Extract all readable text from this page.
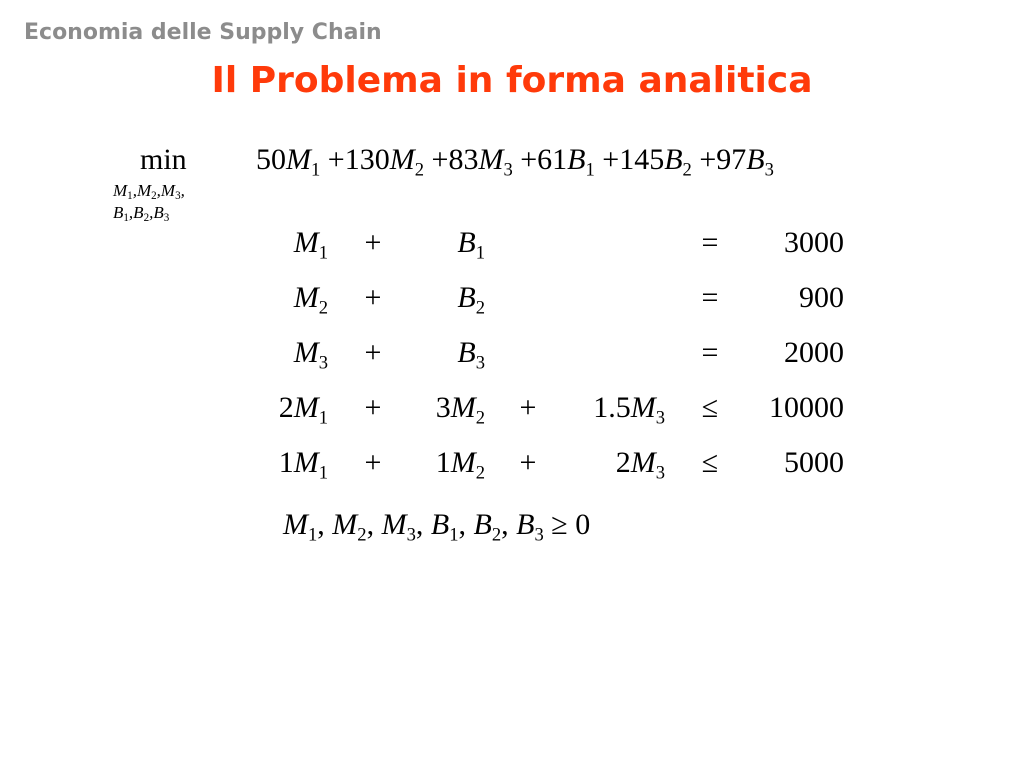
Economia delle Supply Chain
Il Problema in forma analitica
min
$M_1,M_2,M_3$,
$B_1,B_2,B_3$
$50M_1 +130M_2 +83M_3 +61B_1 +145B_2 +97B_3$
$M_1$	+	$B_1$	=	3000
$M_2$	+	$B_2$	=	900
$M_3$	+	$B_3$	=	2000
$2M_1$	+	$3M_2$	+	$1.5M_3$	≤	10000
$1M_1$	+	$1M_2$	+	$2M_3$	≤	5000
$M_1$, $M_2$, $M_3$, $B_1$, $B_2$, $B_3 \ge 0$
